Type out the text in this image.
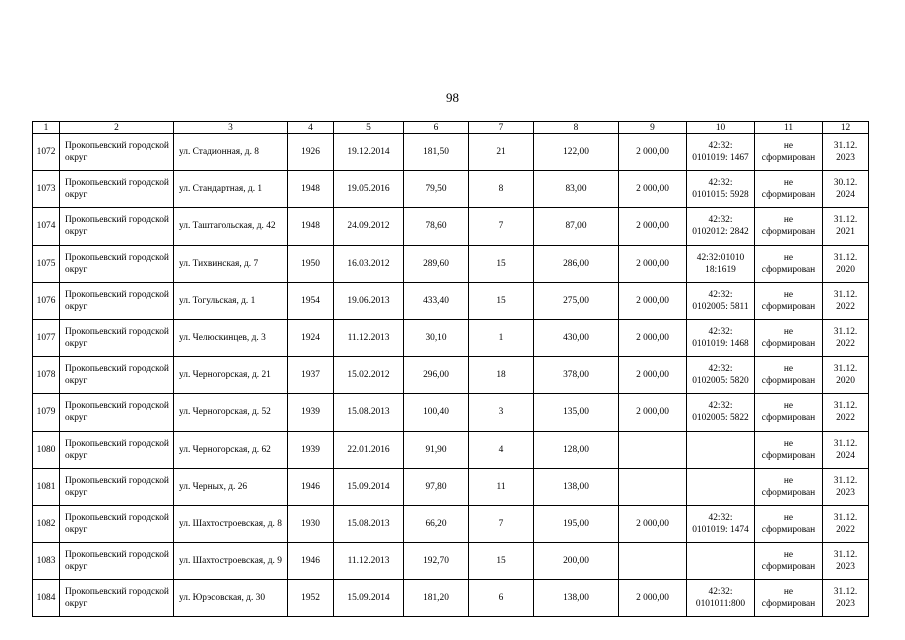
98
1	2	3	4	5	6	7	8	9	10	11	12
1072	Прокопьевский городской округ	ул. Стадионная, д. 8	1926	19.12.2014	181,50	21	122,00	2 000,00	42:32: 0101019: 1467	не сформирован	31.12. 2023
1073	Прокопьевский городской округ	ул. Стандартная, д. 1	1948	19.05.2016	79,50	8	83,00	2 000,00	42:32: 0101015: 5928	не сформирован	30.12. 2024
1074	Прокопьевский городской округ	ул. Таштагольская, д. 42	1948	24.09.2012	78,60	7	87,00	2 000,00	42:32: 0102012: 2842	не сформирован	31.12. 2021
1075	Прокопьевский городской округ	ул. Тихвинская, д. 7	1950	16.03.2012	289,60	15	286,00	2 000,00	42:32:01010 18:1619	не сформирован	31.12. 2020
1076	Прокопьевский городской округ	ул. Тогульская, д. 1	1954	19.06.2013	433,40	15	275,00	2 000,00	42:32: 0102005: 5811	не сформирован	31.12. 2022
1077	Прокопьевский городской округ	ул. Челюскинцев, д. 3	1924	11.12.2013	30,10	1	430,00	2 000,00	42:32: 0101019: 1468	не сформирован	31.12. 2022
1078	Прокопьевский городской округ	ул. Черногорская, д. 21	1937	15.02.2012	296,00	18	378,00	2 000,00	42:32: 0102005: 5820	не сформирован	31.12. 2020
1079	Прокопьевский городской округ	ул. Черногорская, д. 52	1939	15.08.2013	100,40	3	135,00	2 000,00	42:32: 0102005: 5822	не сформирован	31.12. 2022
1080	Прокопьевский городской округ	ул. Черногорская, д. 62	1939	22.01.2016	91,90	4	128,00			не сформирован	31.12. 2024
1081	Прокопьевский городской округ	ул. Черных, д. 26	1946	15.09.2014	97,80	11	138,00			не сформирован	31.12. 2023
1082	Прокопьевский городской округ	ул. Шахтостроевская, д. 8	1930	15.08.2013	66,20	7	195,00	2 000,00	42:32: 0101019: 1474	не сформирован	31.12. 2022
1083	Прокопьевский городской округ	ул. Шахтостроевская, д. 9	1946	11.12.2013	192,70	15	200,00			не сформирован	31.12. 2023
1084	Прокопьевский городской округ	ул. Юрэсовская, д. 30	1952	15.09.2014	181,20	6	138,00	2 000,00	42:32: 0101011:800	не сформирован	31.12. 2023
